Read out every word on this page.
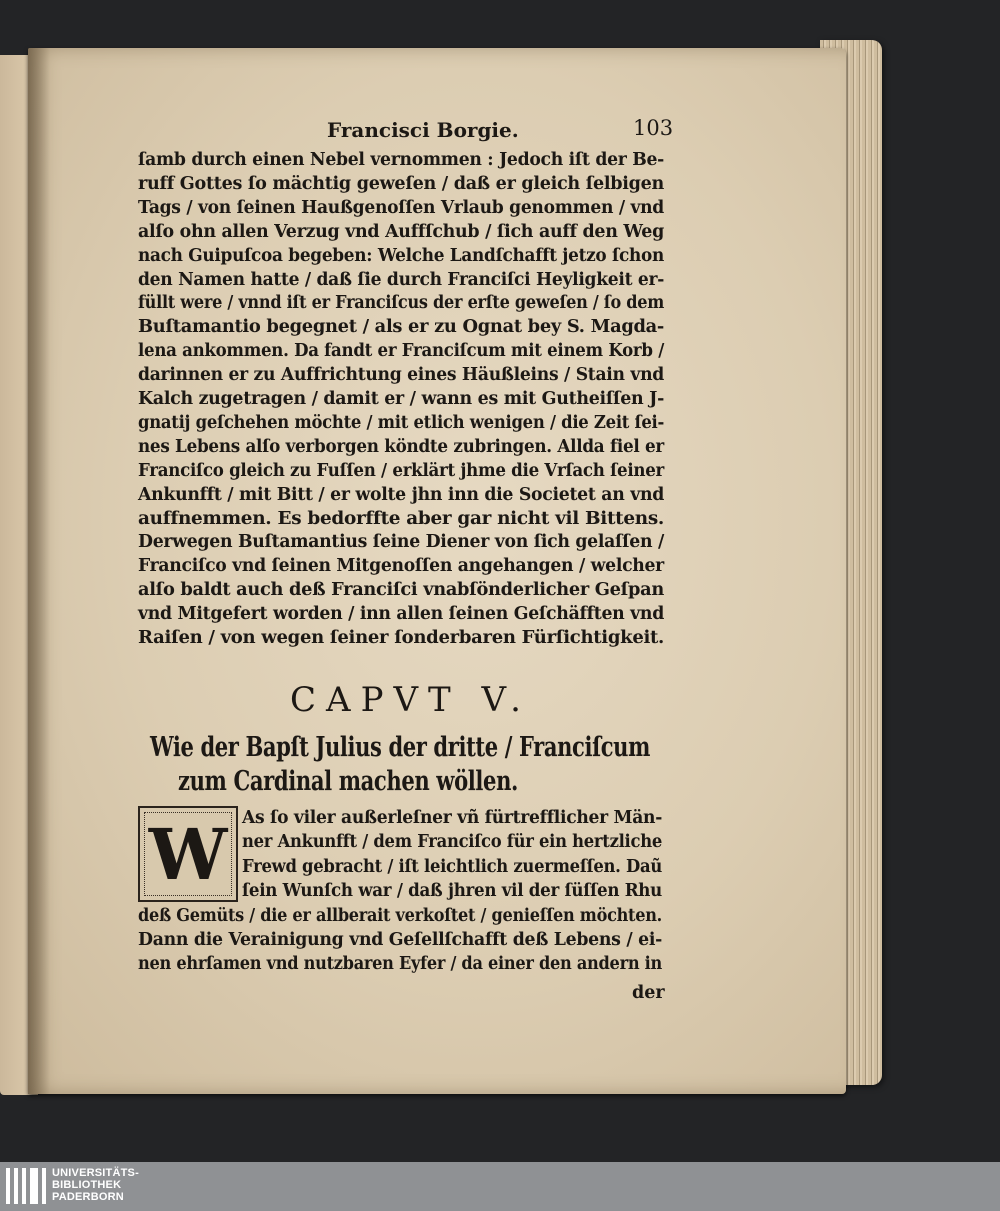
Francisci Borgie.	103
ſamb durch einen Nebel vernommen : Jedoch iſt der Be-
ruff Gottes ſo mächtig geweſen / daß er gleich ſelbigen
Tags / von ſeinen Haußgenoſſen Vrlaub genommen / vnd
alſo ohn allen Verzug vnd Auffſchub / ſich auff den Weg
nach Guipuſcoa begeben: Welche Landſchafft jetzo ſchon
den Namen hatte / daß ſie durch Franciſci Heyligkeit er-
füllt were / vnnd iſt er Franciſcus der erſte geweſen / ſo dem
Buſtamantio begegnet / als er zu Ognat bey S. Magda-
lena ankommen. Da fandt er Franciſcum mit einem Korb /
darinnen er zu Auffrichtung eines Häußleins / Stain vnd
Kalch zugetragen / damit er / wann es mit Gutheiſſen J-
gnatij geſchehen möchte / mit etlich wenigen / die Zeit ſei-
nes Lebens alſo verborgen köndte zubringen. Allda fiel er
Franciſco gleich zu Fuſſen / erklärt jhme die Vrſach ſeiner
Ankunfft / mit Bitt / er wolte jhn inn die Societet an vnd
auffnemmen. Es bedorffte aber gar nicht vil Bittens.
Derwegen Buſtamantius ſeine Diener von ſich gelaſſen /
Franciſco vnd ſeinen Mitgenoſſen angehangen / welcher
alſo baldt auch deß Franciſci vnabſönderlicher Geſpan
vnd Mitgefert worden / inn allen ſeinen Geſchäfften vnd
Raiſen / von wegen ſeiner ſonderbaren Fürſichtigkeit.
CAPVT V.
Wie der Bapſt Julius der dritte / Franciſcum
zum Cardinal machen wöllen.
W As ſo viler außerleſner vñ fürtrefflicher Män-
ner Ankunfft / dem Franciſco für ein hertzliche
Frewd gebracht / iſt leichtlich zuermeſſen. Daũ
ſein Wunſch war / daß jhren vil der ſüſſen Rhu
deß Gemüts / die er allberait verkoſtet / genieſſen möchten.
Dann die Verainigung vnd Geſellſchafft deß Lebens / ei-
nen ehrſamen vnd nutzbaren Eyfer / da einer den andern in
der
UNIVERSITÄTS-
BIBLIOTHEK
PADERBORN
